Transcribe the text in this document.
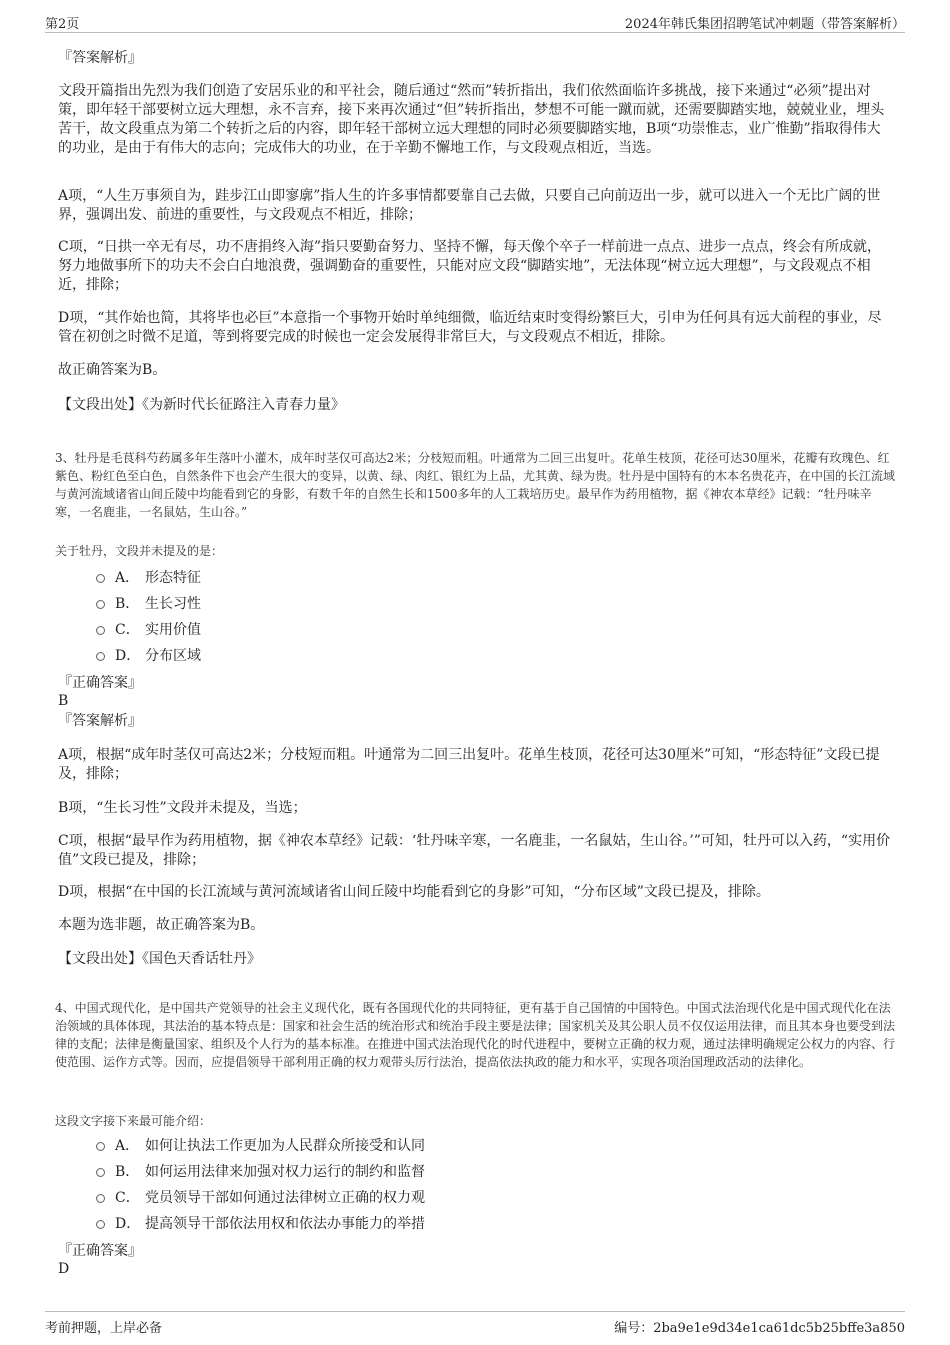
第2页	2024年韩氏集团招聘笔试冲刺题（带答案解析）
『答案解析』

文段开篇指出先烈为我们创造了安居乐业的和平社会，随后通过“然而”转折指出，我们依然面临许多挑战，接下来通过“必须”提出对策，即年轻干部要树立远大理想，永不言弃，接下来再次通过“但”转折指出，梦想不可能一蹴而就，还需要脚踏实地，兢兢业业，埋头苦干，故文段重点为第二个转折之后的内容，即年轻干部树立远大理想的同时必须要脚踏实地，B项“功崇惟志，业广惟勤”指取得伟大的功业，是由于有伟大的志向；完成伟大的功业，在于辛勤不懈地工作，与文段观点相近，当选。

A项，“人生万事须自为，跬步江山即寥廓”指人生的许多事情都要靠自己去做，只要自己向前迈出一步，就可以进入一个无比广阔的世界，强调出发、前进的重要性，与文段观点不相近，排除；

C项，“日拱一卒无有尽，功不唐捐终入海”指只要勤奋努力、坚持不懈，每天像个卒子一样前进一点点、进步一点点，终会有所成就，努力地做事所下的功夫不会白白地浪费，强调勤奋的重要性，只能对应文段“脚踏实地”，无法体现“树立远大理想”，与文段观点不相近，排除；

D项，“其作始也简，其将毕也必巨”本意指一个事物开始时单纯细微，临近结束时变得纷繁巨大，引申为任何具有远大前程的事业，尽管在初创之时微不足道，等到将要完成的时候也一定会发展得非常巨大，与文段观点不相近，排除。

故正确答案为B。

【文段出处】《为新时代长征路注入青春力量》

3、牡丹是毛茛科芍药属多年生落叶小灌木，成年时茎仅可高达2米；分枝短而粗。叶通常为二回三出复叶。花单生枝顶，花径可达30厘米，花瓣有玫瑰色、红紫色、粉红色至白色，自然条件下也会产生很大的变异，以黄、绿、肉红、银红为上品，尤其黄、绿为贵。牡丹是中国特有的木本名贵花卉，在中国的长江流域与黄河流域诸省山间丘陵中均能看到它的身影，有数千年的自然生长和1500多年的人工栽培历史。最早作为药用植物，据《神农本草经》记载：“牡丹味辛寒，一名鹿韭，一名鼠姑，生山谷。”

关于牡丹，文段并未提及的是：

A． 形态特征
B． 生长习性
C． 实用价值
D． 分布区域
『正确答案』
B
『答案解析』

A项，根据“成年时茎仅可高达2米；分枝短而粗。叶通常为二回三出复叶。花单生枝顶，花径可达30厘米”可知，“形态特征”文段已提及，排除；

B项，“生长习性”文段并未提及，当选；

C项，根据“最早作为药用植物，据《神农本草经》记载：‘牡丹味辛寒，一名鹿韭，一名鼠姑，生山谷。’”可知，牡丹可以入药，“实用价值”文段已提及，排除；

D项，根据“在中国的长江流域与黄河流域诸省山间丘陵中均能看到它的身影”可知，“分布区域”文段已提及，排除。

本题为选非题，故正确答案为B。

【文段出处】《国色天香话牡丹》

4、中国式现代化，是中国共产党领导的社会主义现代化，既有各国现代化的共同特征，更有基于自己国情的中国特色。中国式法治现代化是中国式现代化在法治领域的具体体现，其法治的基本特点是：国家和社会生活的统治形式和统治手段主要是法律；国家机关及其公职人员不仅仅运用法律，而且其本身也要受到法律的支配；法律是衡量国家、组织及个人行为的基本标准。在推进中国式法治现代化的时代进程中，要树立正确的权力观，通过法律明确规定公权力的内容、行使范围、运作方式等。因而，应提倡领导干部利用正确的权力观带头厉行法治，提高依法执政的能力和水平，实现各项治国理政活动的法律化。

这段文字接下来最可能介绍：

A． 如何让执法工作更加为人民群众所接受和认同
B． 如何运用法律来加强对权力运行的制约和监督
C． 党员领导干部如何通过法律树立正确的权力观
D． 提高领导干部依法用权和依法办事能力的举措
『正确答案』
D
考前押题，上岸必备	编号：2ba9e1e9d34e1ca61dc5b25bffe3a850
